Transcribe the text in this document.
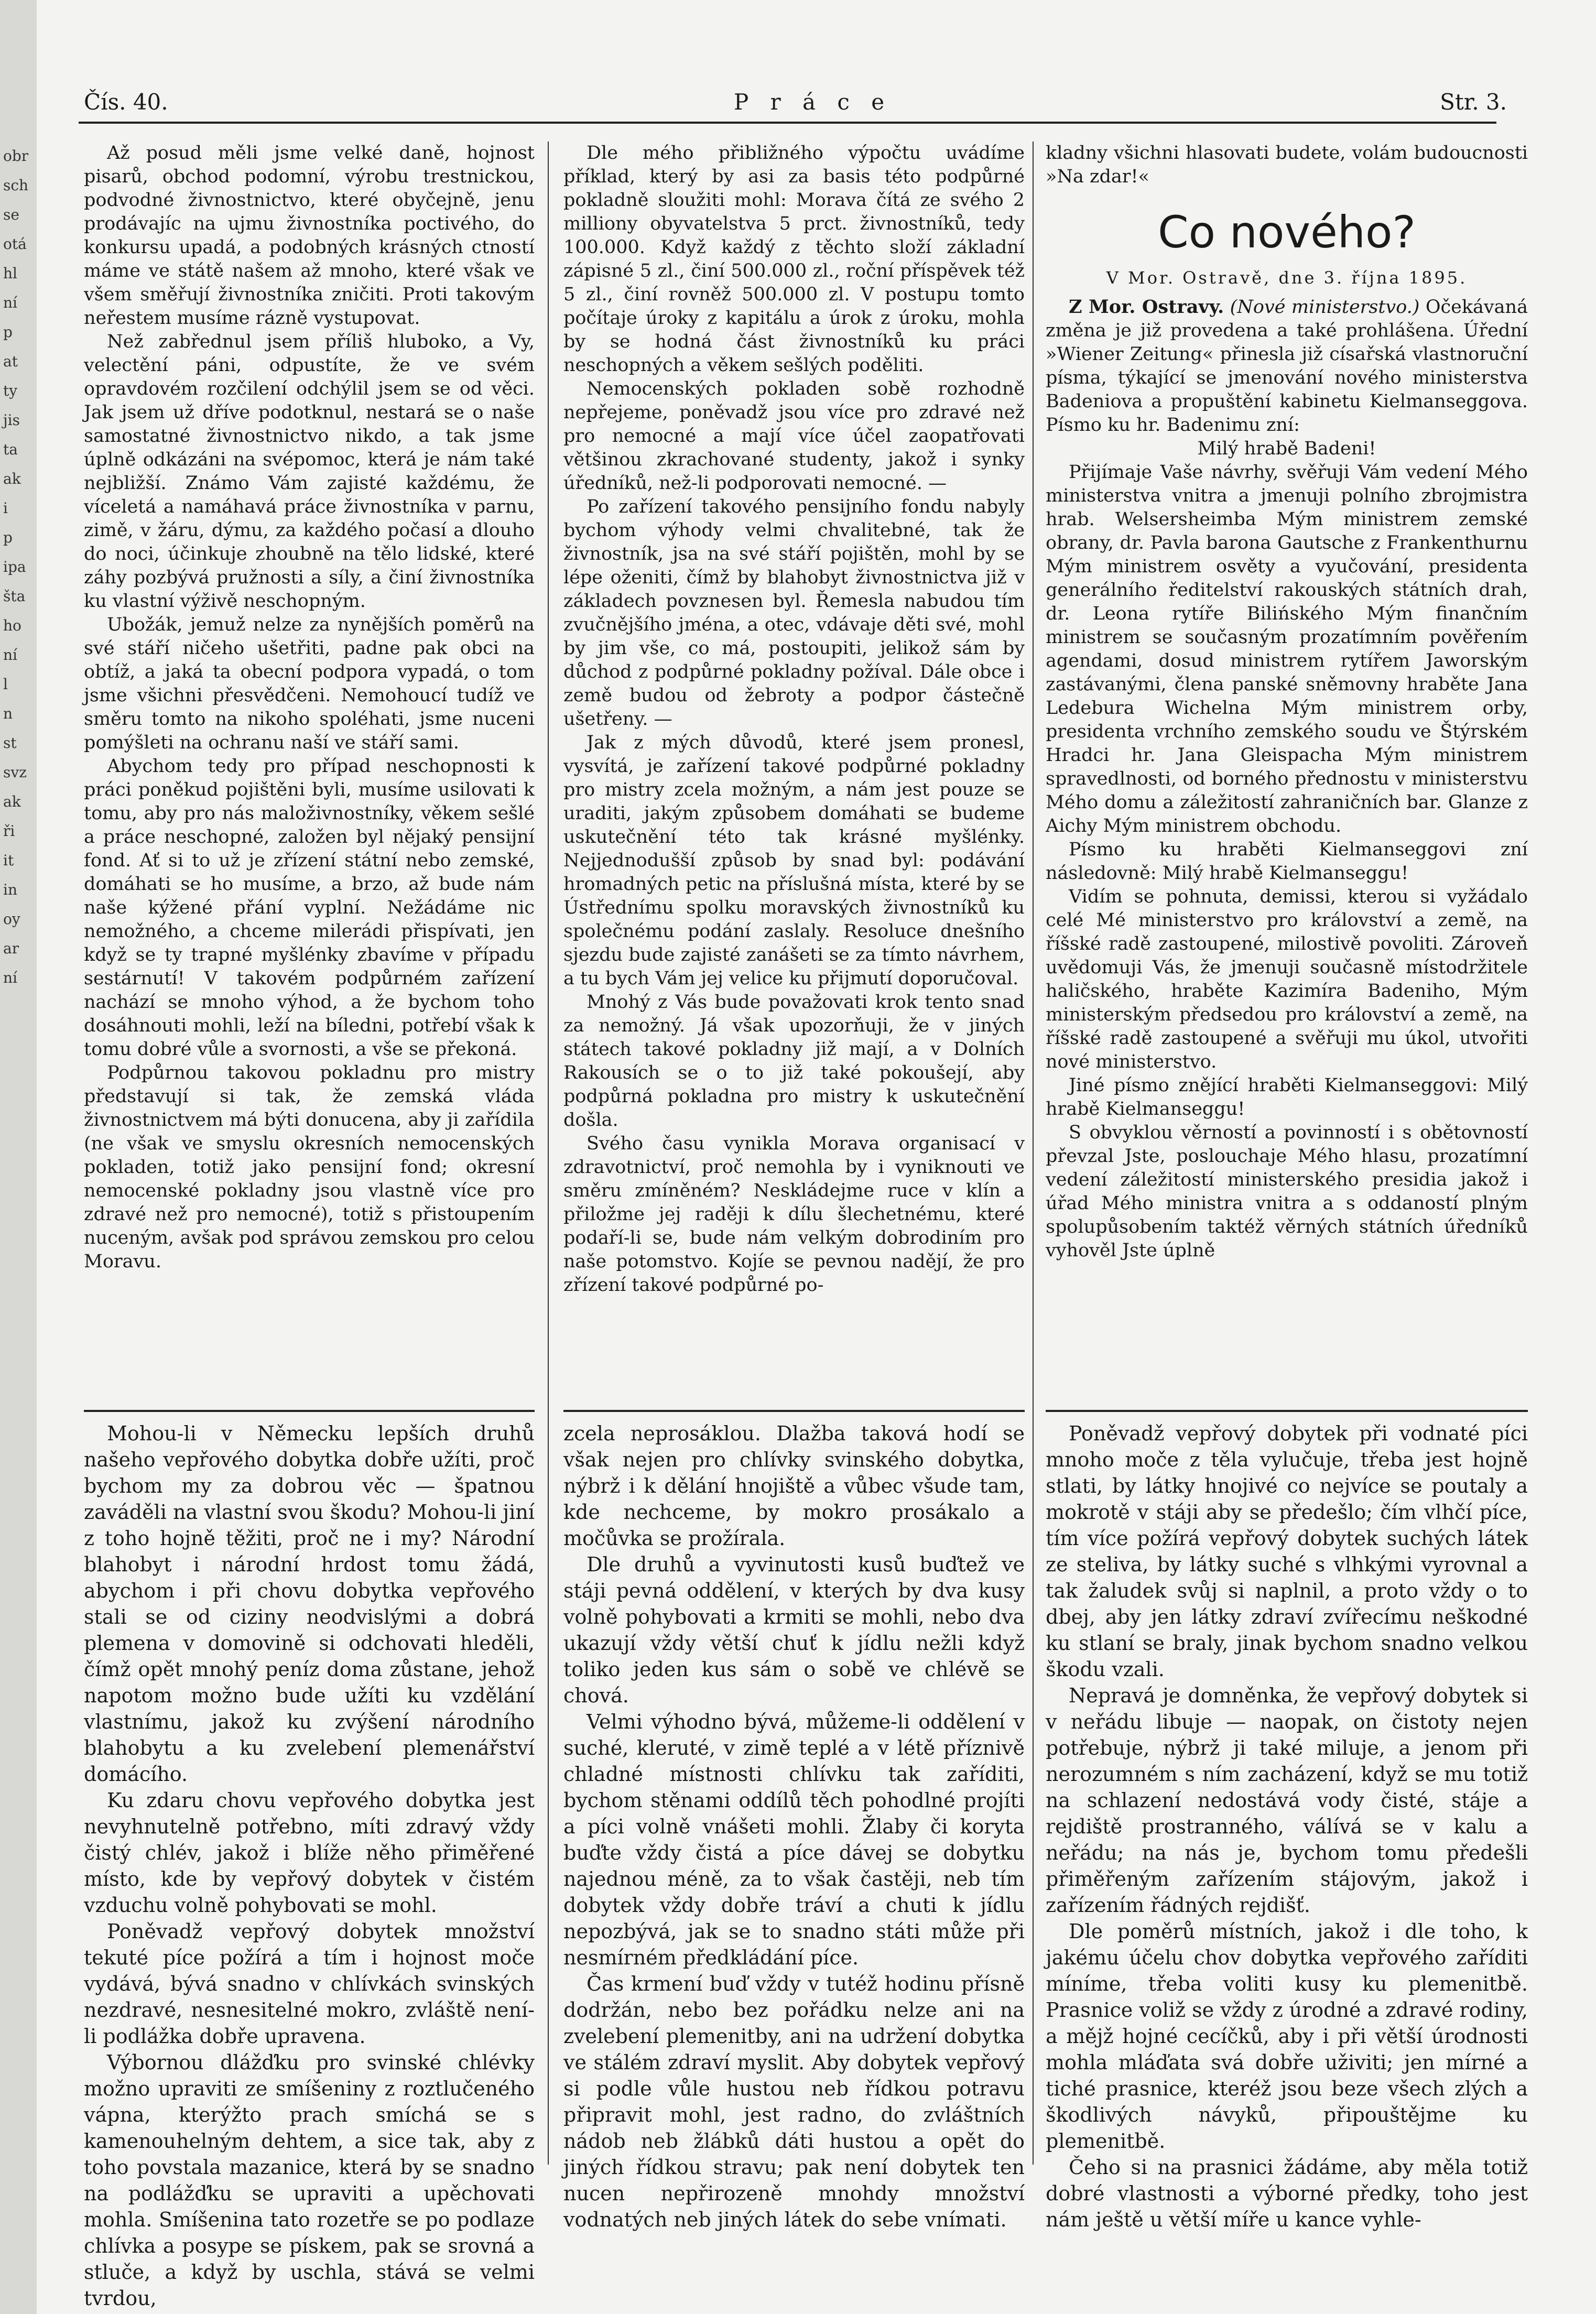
obr
sch
se
otá
hl
ní
p
at
ty
jis
ta
ak
i
p
ipa
šta
ho
ní
l
n
st
svz
ak
ři
it
in
oy
ar
ní
Čís. 40.	P r á c e	Str. 3.

Až posud měli jsme velké daně, hojnost pisarů, obchod podomní, výrobu trestnickou, podvodné živnostnictvo, které obyčejně, jenu prodávajíc na ujmu živnostníka poctivého, do konkursu upadá, a podobných krásných ctností máme ve státě našem až mnoho, které však ve všem směřují živnostníka zničiti. Proti takovým neřestem musíme rázně vystupovat.

Než zabřednul jsem příliš hluboko, a Vy, velectění páni, odpustíte, že ve svém opravdovém rozčilení odchýlil jsem se od věci. Jak jsem už dříve podotknul, nestará se o naše samostatné živnostnictvo nikdo, a tak jsme úplně odkázáni na svépomoc, která je nám také nejbližší. Známo Vám zajisté každému, že víceletá a namáhavá práce živnostníka v parnu, zimě, v žáru, dýmu, za každého počasí a dlouho do noci, účinkuje zhoubně na tělo lidské, které záhy pozbývá pružnosti a síly, a činí živnostníka ku vlastní výživě neschopným.

Ubožák, jemuž nelze za nynějších poměrů na své stáří ničeho ušetřiti, padne pak obci na obtíž, a jaká ta obecní podpora vypadá, o tom jsme všichni přesvědčeni. Nemohoucí tudíž ve směru tomto na nikoho spoléhati, jsme nuceni pomýšleti na ochranu naší ve stáří sami.

Abychom tedy pro případ neschopnosti k práci poněkud pojištěni byli, musíme usilovati k tomu, aby pro nás maloživnostníky, věkem sešlé a práce neschopné, založen byl nějaký pensijní fond. Ať si to už je zřízení státní nebo zemské, domáhati se ho musíme, a brzo, až bude nám naše kýžené přání vyplní. Nežádáme nic nemožného, a chceme milerádi přispívati, jen když se ty trapné myšlénky zbavíme v případu sestárnutí! V takovém podpůrném zařízení nachází se mnoho výhod, a že bychom toho dosáhnouti mohli, leží na bíledni, potřebí však k tomu dobré vůle a svornosti, a vše se překoná.

Podpůrnou takovou pokladnu pro mistry představují si tak, že zemská vláda živnostnictvem má býti donucena, aby ji zařídila (ne však ve smyslu okresních nemocenských pokladen, totiž jako pensijní fond; okresní nemocenské pokladny jsou vlastně více pro zdravé než pro nemocné), totiž s přistoupením nuceným, avšak pod správou zemskou pro celou Moravu.

Dle mého přibližného výpočtu uvádíme příklad, který by asi za basis této podpůrné pokladně sloužiti mohl: Morava čítá ze svého 2 milliony obyvatelstva 5 prct. živnostníků, tedy 100.000. Když každý z těchto složí základní zápisné 5 zl., činí 500.000 zl., roční příspěvek též 5 zl., činí rovněž 500.000 zl. V postupu tomto počítaje úroky z kapitálu a úrok z úroku, mohla by se hodná část živnostníků ku práci neschopných a věkem sešlých poděliti.

Nemocenských pokladen sobě rozhodně nepřejeme, poněvadž jsou více pro zdravé než pro nemocné a mají více účel zaopatřovati většinou zkrachované studenty, jakož i synky úředníků, než-li podporovati nemocné. —

Po zařízení takového pensijního fondu nabyly bychom výhody velmi chvalitebné, tak že živnostník, jsa na své stáří pojištěn, mohl by se lépe oženiti, čímž by blahobyt živnostnictva již v základech povznesen byl. Řemesla nabudou tím zvučnějšího jména, a otec, vdávaje děti své, mohl by jim vše, co má, postoupiti, jelikož sám by důchod z podpůrné pokladny požíval. Dále obce i země budou od žebroty a podpor částečně ušetřeny. —

Jak z mých důvodů, které jsem pronesl, vysvítá, je zařízení takové podpůrné pokladny pro mistry zcela možným, a nám jest pouze se uraditi, jakým způsobem domáhati se budeme uskutečnění této tak krásné myšlénky. Nejjednodušší způsob by snad byl: podávání hromadných petic na příslušná místa, které by se Ústřednímu spolku moravských živnostníků ku společnému podání zaslaly. Resoluce dnešního sjezdu bude zajisté zanášeti se za tímto návrhem, a tu bych Vám jej velice ku přijmutí doporučoval.

Mnohý z Vás bude považovati krok tento snad za nemožný. Já však upozorňuji, že v jiných státech takové pokladny již mají, a v Dolních Rakousích se o to již také pokoušejí, aby podpůrná pokladna pro mistry k uskutečnění došla.

Svého času vynikla Morava organisací v zdravotnictví, proč nemohla by i vyniknouti ve směru zmíněném? Neskládejme ruce v klín a přiložme jej raději k dílu šlechetnému, které podaří-li se, bude nám velkým dobrodiním pro naše potomstvo. Kojíe se pevnou nadějí, že pro zřízení takové podpůrné po-

kladny všichni hlasovati budete, volám budoucnosti »Na zdar!«

Co nového?
V Mor. Ostravě, dne 3. října 1895.

Z Mor. Ostravy. (Nové ministerstvo.) Očekávaná změna je již provedena a také prohlášena. Úřední »Wiener Zeitung« přinesla již císařská vlastnoruční písma, týkající se jmenování nového ministerstva Badeniova a propuštění kabinetu Kielmanseggova. Písmo ku hr. Badenimu zní:

Milý hrabě Badeni!

Přijímaje Vaše návrhy, svěřuji Vám vedení Mého ministerstva vnitra a jmenuji polního zbrojmistra hrab. Welsersheimba Mým ministrem zemské obrany, dr. Pavla barona Gautsche z Frankenthurnu Mým ministrem osvěty a vyučování, presidenta generálního ředitelství rakouských státních drah, dr. Leona rytíře Bilińského Mým finančním ministrem se současným prozatímním pověřením agendami, dosud ministrem rytířem Jaworským zastávanými, člena panské sněmovny hraběte Jana Ledebura Wichelna Mým ministrem orby, presidenta vrchního zemského soudu ve Štýrském Hradci hr. Jana Gleispacha Mým ministrem spravedlnosti, od borného přednostu v ministerstvu Mého domu a záležitostí zahraničních bar. Glanze z Aichy Mým ministrem obchodu.

Písmo ku hraběti Kielmanseggovi zní následovně: Milý hrabě Kielmanseggu!

Vidím se pohnuta, demissi, kterou si vyžádalo celé Mé ministerstvo pro království a země, na říšské radě zastoupené, milostivě povoliti. Zároveň uvědomuji Vás, že jmenuji současně místodržitele haličského, hraběte Kazimíra Badeniho, Mým ministerským předsedou pro království a země, na říšské radě zastoupené a svěřuji mu úkol, utvořiti nové ministerstvo.

Jiné písmo znějící hraběti Kielmanseggovi: Milý hrabě Kielmanseggu!

S obvyklou věrností a povinností i s obětovností převzal Jste, poslouchaje Mého hlasu, prozatímní vedení záležitostí ministerského presidia jakož i úřad Mého ministra vnitra a s oddaností plným spolupůsobením taktéž věrných státních úředníků vyhověl Jste úplně

Mohou-li v Německu lepších druhů našeho vepřového dobytka dobře užíti, proč bychom my za dobrou věc — špatnou zaváděli na vlastní svou škodu? Mohou-li jiní z toho hojně těžiti, proč ne i my? Národní blahobyt i národní hrdost tomu žádá, abychom i při chovu dobytka vepřového stali se od ciziny neodvislými a dobrá plemena v domovině si odchovati hleděli, čímž opět mnohý peníz doma zůstane, jehož napotom možno bude užíti ku vzdělání vlastnímu, jakož ku zvýšení národního blahobytu a ku zvelebení plemenářství domácího.

Ku zdaru chovu vepřového dobytka jest nevyhnutelně potřebno, míti zdravý vždy čistý chlév, jakož i blíže něho přiměřené místo, kde by vepřový dobytek v čistém vzduchu volně pohybovati se mohl.

Poněvadž vepřový dobytek množství tekuté píce požírá a tím i hojnost moče vydává, bývá snadno v chlívkách svinských nezdravé, nesnesitelné mokro, zvláště není-li podlážka dobře upravena.

Výbornou dlážďku pro svinské chlévky možno upraviti ze smíšeniny z roztlučeného vápna, kterýžto prach smíchá se s kamenouhelným dehtem, a sice tak, aby z toho povstala mazanice, která by se snadno na podlážďku se upraviti a upěchovati mohla. Smíšenina tato rozetře se po podlaze chlívka a posype se pískem, pak se srovná a stluče, a když by uschla, stává se velmi tvrdou,

zcela neprosáklou. Dlažba taková hodí se však nejen pro chlívky svinského dobytka, nýbrž i k dělání hnojiště a vůbec všude tam, kde nechceme, by mokro prosákalo a močůvka se prožírala.

Dle druhů a vyvinutosti kusů buďtež ve stáji pevná oddělení, v kterých by dva kusy volně pohybovati a krmiti se mohli, nebo dva ukazují vždy větší chuť k jídlu nežli když toliko jeden kus sám o sobě ve chlévě se chová.

Velmi výhodno bývá, můžeme-li oddělení v suché, kleruté, v zimě teplé a v létě příznivě chladné místnosti chlívku tak zaříditi, bychom stěnami oddílů těch pohodlné projíti a píci volně vnášeti mohli. Žlaby či koryta buďte vždy čistá a píce dávej se dobytku najednou méně, za to však častěji, neb tím dobytek vždy dobře tráví a chuti k jídlu nepozbývá, jak se to snadno státi může při nesmírném předkládání píce.

Čas krmení buď vždy v tutéž hodinu přísně dodržán, nebo bez pořádku nelze ani na zvelebení plemenitby, ani na udržení dobytka ve stálém zdraví myslit. Aby dobytek vepřový si podle vůle hustou neb řídkou potravu připravit mohl, jest radno, do zvláštních nádob neb žlábků dáti hustou a opět do jiných řídkou stravu; pak není dobytek ten nucen nepřirozeně mnohdy množství vodnatých neb jiných látek do sebe vnímati.

Poněvadž vepřový dobytek při vodnaté píci mnoho moče z těla vylučuje, třeba jest hojně stlati, by látky hnojivé co nejvíce se poutaly a mokrotě v stáji aby se předešlo; čím vlhčí píce, tím více požírá vepřový dobytek suchých látek ze steliva, by látky suché s vlhkými vyrovnal a tak žaludek svůj si naplnil, a proto vždy o to dbej, aby jen látky zdraví zvířecímu neškodné ku stlaní se braly, jinak bychom snadno velkou škodu vzali.

Nepravá je domněnka, že vepřový dobytek si v neřádu libuje — naopak, on čistoty nejen potřebuje, nýbrž ji také miluje, a jenom při nerozumném s ním zacházení, když se mu totiž na schlazení nedostává vody čisté, stáje a rejdiště prostranného, válívá se v kalu a neřádu; na nás je, bychom tomu předešli přiměřeným zařízením stájovým, jakož i zařízením řádných rejdišť.

Dle poměrů místních, jakož i dle toho, k jakému účelu chov dobytka vepřového zaříditi míníme, třeba voliti kusy ku plemenitbě. Prasnice voliž se vždy z úrodné a zdravé rodiny, a mějž hojné cecíčků, aby i při větší úrodnosti mohla mláďata svá dobře uživiti; jen mírné a tiché prasnice, kteréž jsou beze všech zlých a škodlivých návyků, připouštějme ku plemenitbě.

Čeho si na prasnici žádáme, aby měla totiž dobré vlastnosti a výborné předky, toho jest nám ještě u větší míře u kance vyhle-
